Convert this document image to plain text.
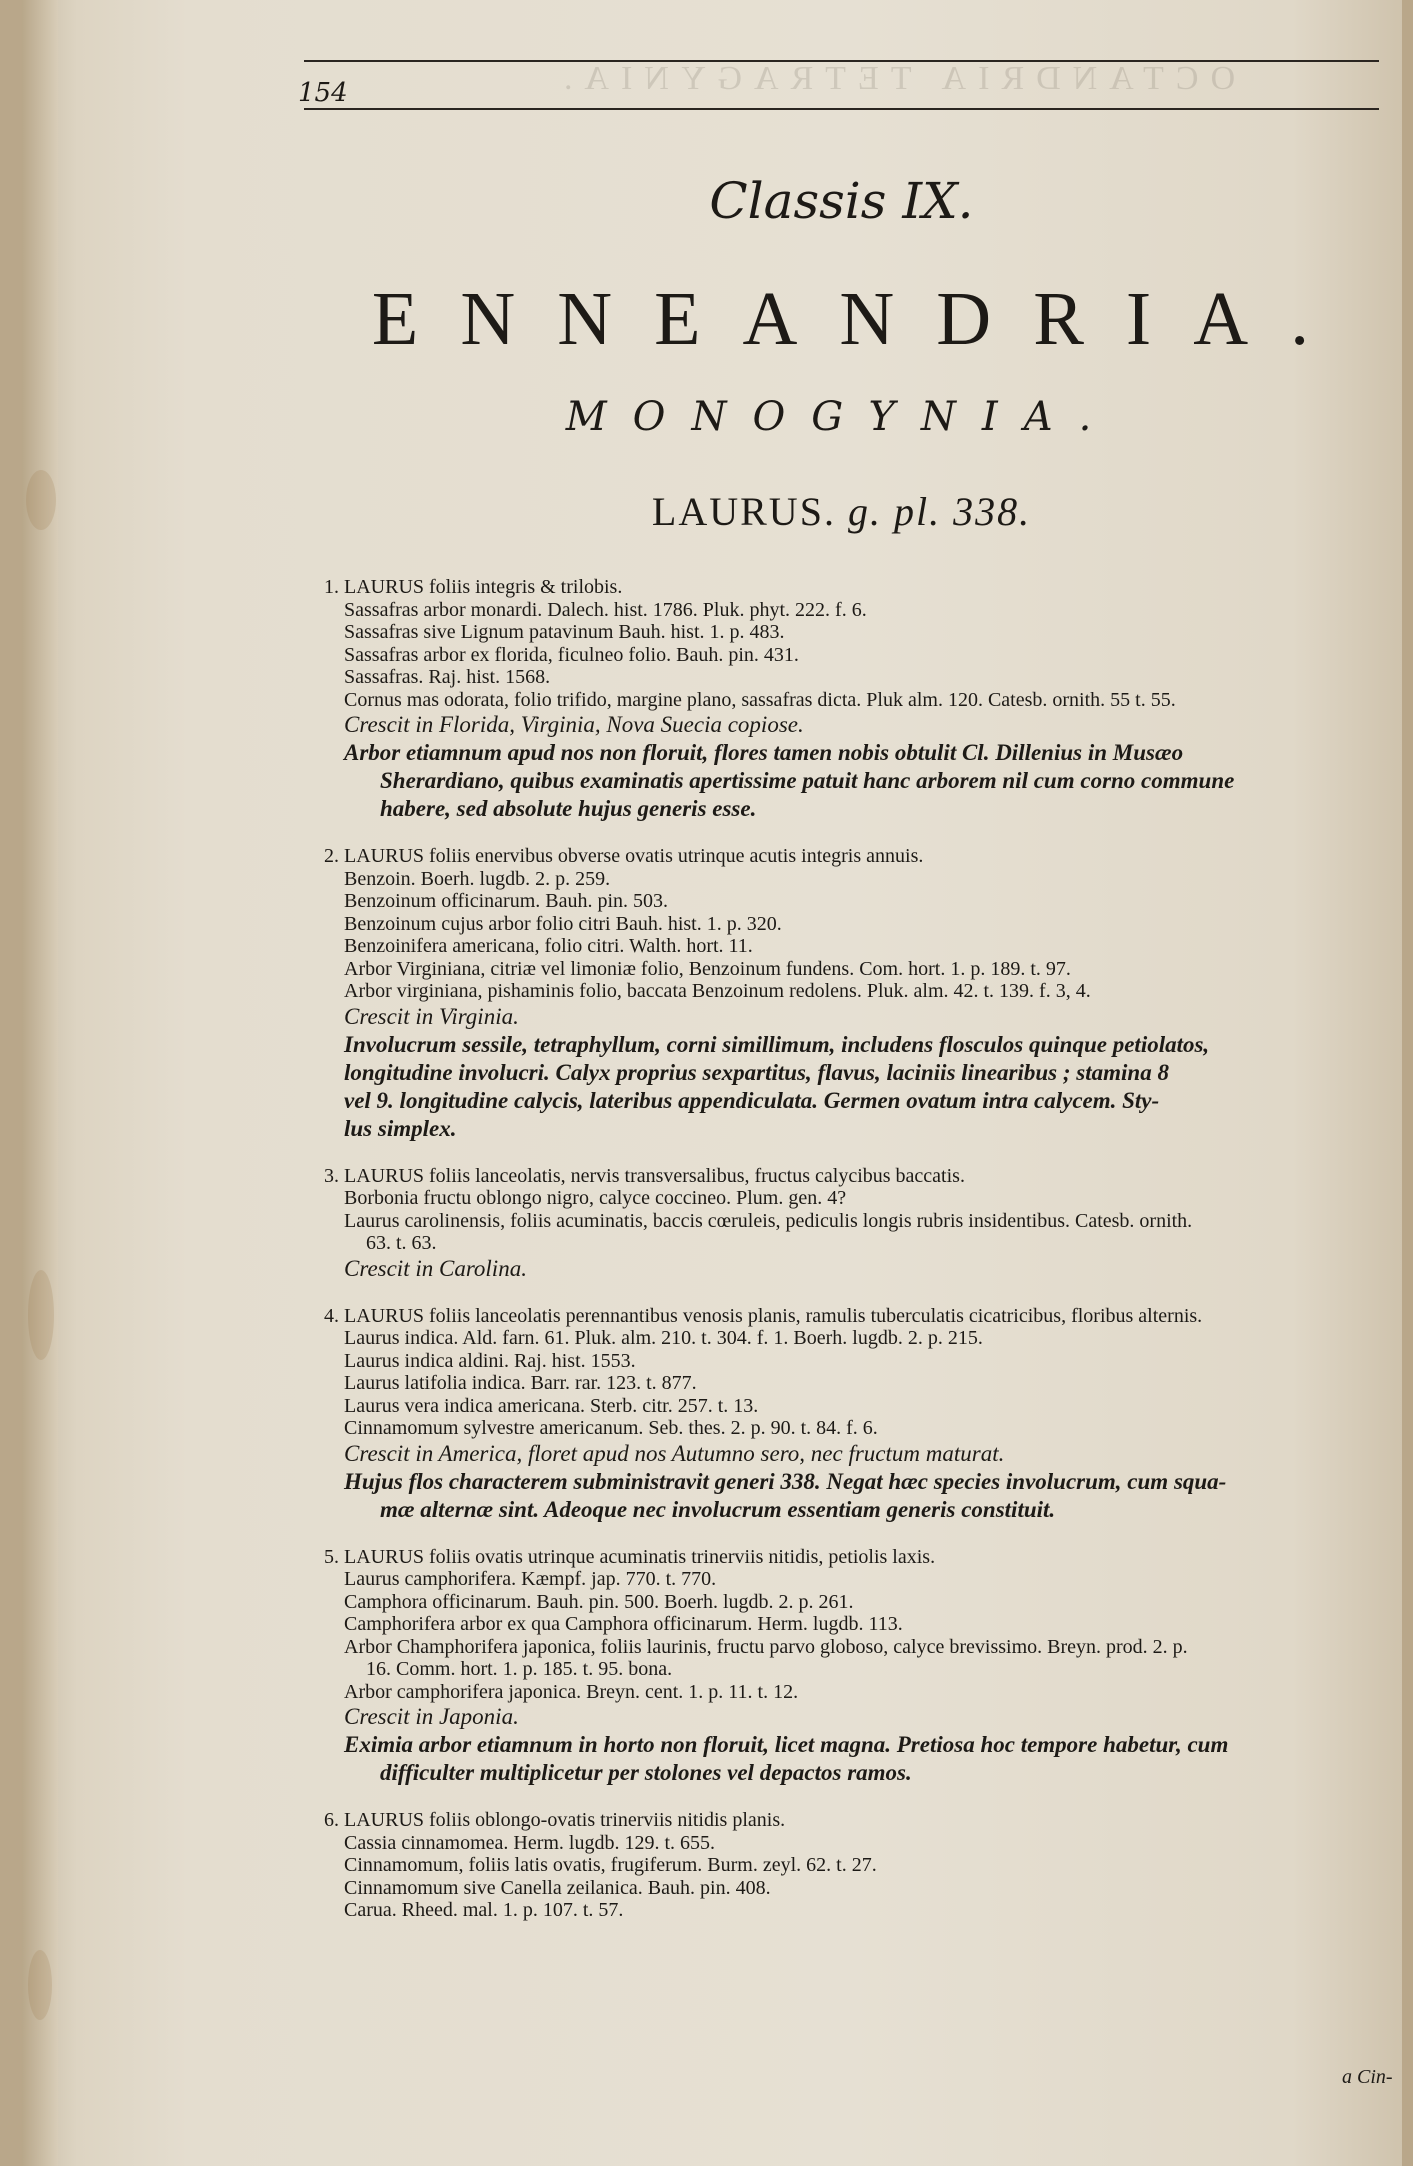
OCTANDRIA TETRAGYNIA.
154
Classis IX.
ENNEANDRIA.
MONOGYNIA.
LAURUS. g. pl. 338.
1. LAURUS foliis integris & trilobis.
Sassafras arbor monardi. Dalech. hist. 1786. Pluk. phyt. 222. f. 6.
Sassafras sive Lignum patavinum Bauh. hist. 1. p. 483.
Sassafras arbor ex florida, ficulneo folio. Bauh. pin. 431.
Sassafras. Raj. hist. 1568.
Cornus mas odorata, folio trifido, margine plano, sassafras dicta. Pluk alm. 120. Catesb. ornith. 55 t. 55.
Crescit in Florida, Virginia, Nova Suecia copiose.
Arbor etiamnum apud nos non floruit, flores tamen nobis obtulit Cl. Dillenius in Musæo
Sherardiano, quibus examinatis apertissime patuit hanc arborem nil cum corno commune
habere, sed absolute hujus generis esse.
2. LAURUS foliis enervibus obverse ovatis utrinque acutis integris annuis.
Benzoin. Boerh. lugdb. 2. p. 259.
Benzoinum officinarum. Bauh. pin. 503.
Benzoinum cujus arbor folio citri Bauh. hist. 1. p. 320.
Benzoinifera americana, folio citri. Walth. hort. 11.
Arbor Virginiana, citriæ vel limoniæ folio, Benzoinum fundens. Com. hort. 1. p. 189. t. 97.
Arbor virginiana, pishaminis folio, baccata Benzoinum redolens. Pluk. alm. 42. t. 139. f. 3, 4.
Crescit in Virginia.
Involucrum sessile, tetraphyllum, corni simillimum, includens flosculos quinque petiolatos,
longitudine involucri. Calyx proprius sexpartitus, flavus, laciniis linearibus ; stamina 8
vel 9. longitudine calycis, lateribus appendiculata. Germen ovatum intra calycem. Sty-
lus simplex.
3. LAURUS foliis lanceolatis, nervis transversalibus, fructus calycibus baccatis.
Borbonia fructu oblongo nigro, calyce coccineo. Plum. gen. 4?
Laurus carolinensis, foliis acuminatis, baccis cœruleis, pediculis longis rubris insidentibus. Catesb. ornith.
63. t. 63.
Crescit in Carolina.
4. LAURUS foliis lanceolatis perennantibus venosis planis, ramulis tuberculatis cicatricibus, floribus alternis.
Laurus indica. Ald. farn. 61. Pluk. alm. 210. t. 304. f. 1. Boerh. lugdb. 2. p. 215.
Laurus indica aldini. Raj. hist. 1553.
Laurus latifolia indica. Barr. rar. 123. t. 877.
Laurus vera indica americana. Sterb. citr. 257. t. 13.
Cinnamomum sylvestre americanum. Seb. thes. 2. p. 90. t. 84. f. 6.
Crescit in America, floret apud nos Autumno sero, nec fructum maturat.
Hujus flos characterem subministravit generi 338. Negat hæc species involucrum, cum squa-
mæ alternæ sint. Adeoque nec involucrum essentiam generis constituit.
5. LAURUS foliis ovatis utrinque acuminatis trinerviis nitidis, petiolis laxis.
Laurus camphorifera. Kæmpf. jap. 770. t. 770.
Camphora officinarum. Bauh. pin. 500. Boerh. lugdb. 2. p. 261.
Camphorifera arbor ex qua Camphora officinarum. Herm. lugdb. 113.
Arbor Champhorifera japonica, foliis laurinis, fructu parvo globoso, calyce brevissimo. Breyn. prod. 2. p.
16. Comm. hort. 1. p. 185. t. 95. bona.
Arbor camphorifera japonica. Breyn. cent. 1. p. 11. t. 12.
Crescit in Japonia.
Eximia arbor etiamnum in horto non floruit, licet magna. Pretiosa hoc tempore habetur, cum
difficulter multiplicetur per stolones vel depactos ramos.
6. LAURUS foliis oblongo-ovatis trinerviis nitidis planis.
Cassia cinnamomea. Herm. lugdb. 129. t. 655.
Cinnamomum, foliis latis ovatis, frugiferum. Burm. zeyl. 62. t. 27.
Cinnamomum sive Canella zeilanica. Bauh. pin. 408.
Carua. Rheed. mal. 1. p. 107. t. 57.
a Cin-
